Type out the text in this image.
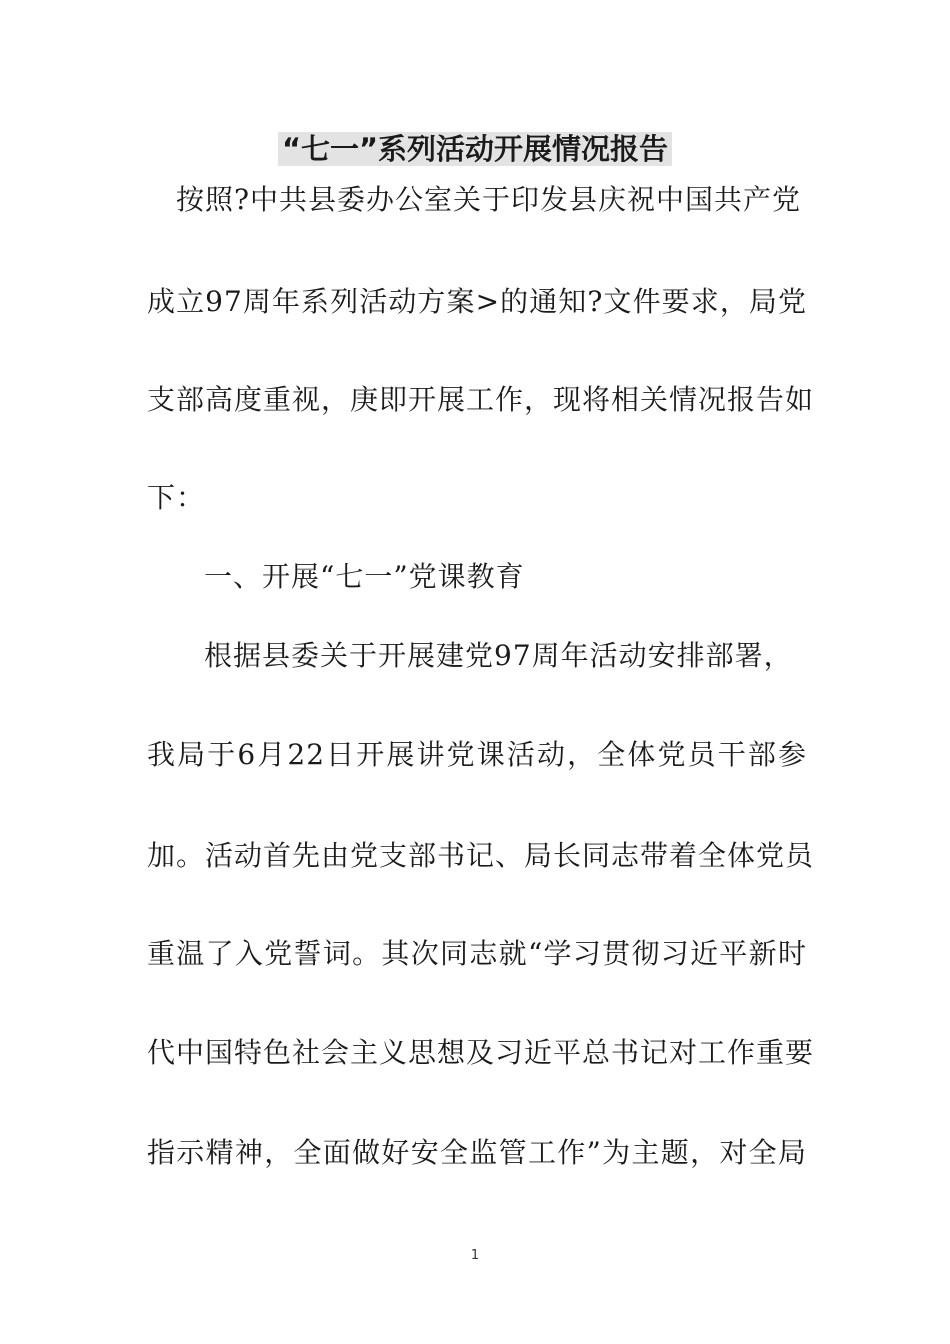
“七一”系列活动开展情况报告
按照?中共县委办公室关于印发县庆祝中国共产党
成立97周年系列活动方案>的通知?文件要求，局党
支部高度重视，庚即开展工作，现将相关情况报告如
下：
一、开展“七一”党课教育
根据县委关于开展建党97周年活动安排部署，
我局于6月22日开展讲党课活动，全体党员干部参
加。活动首先由党支部书记、局长同志带着全体党员
重温了入党誓词。其次同志就“学习贯彻习近平新时
代中国特色社会主义思想及习近平总书记对工作重要
指示精神，全面做好安全监管工作”为主题，对全局
1
